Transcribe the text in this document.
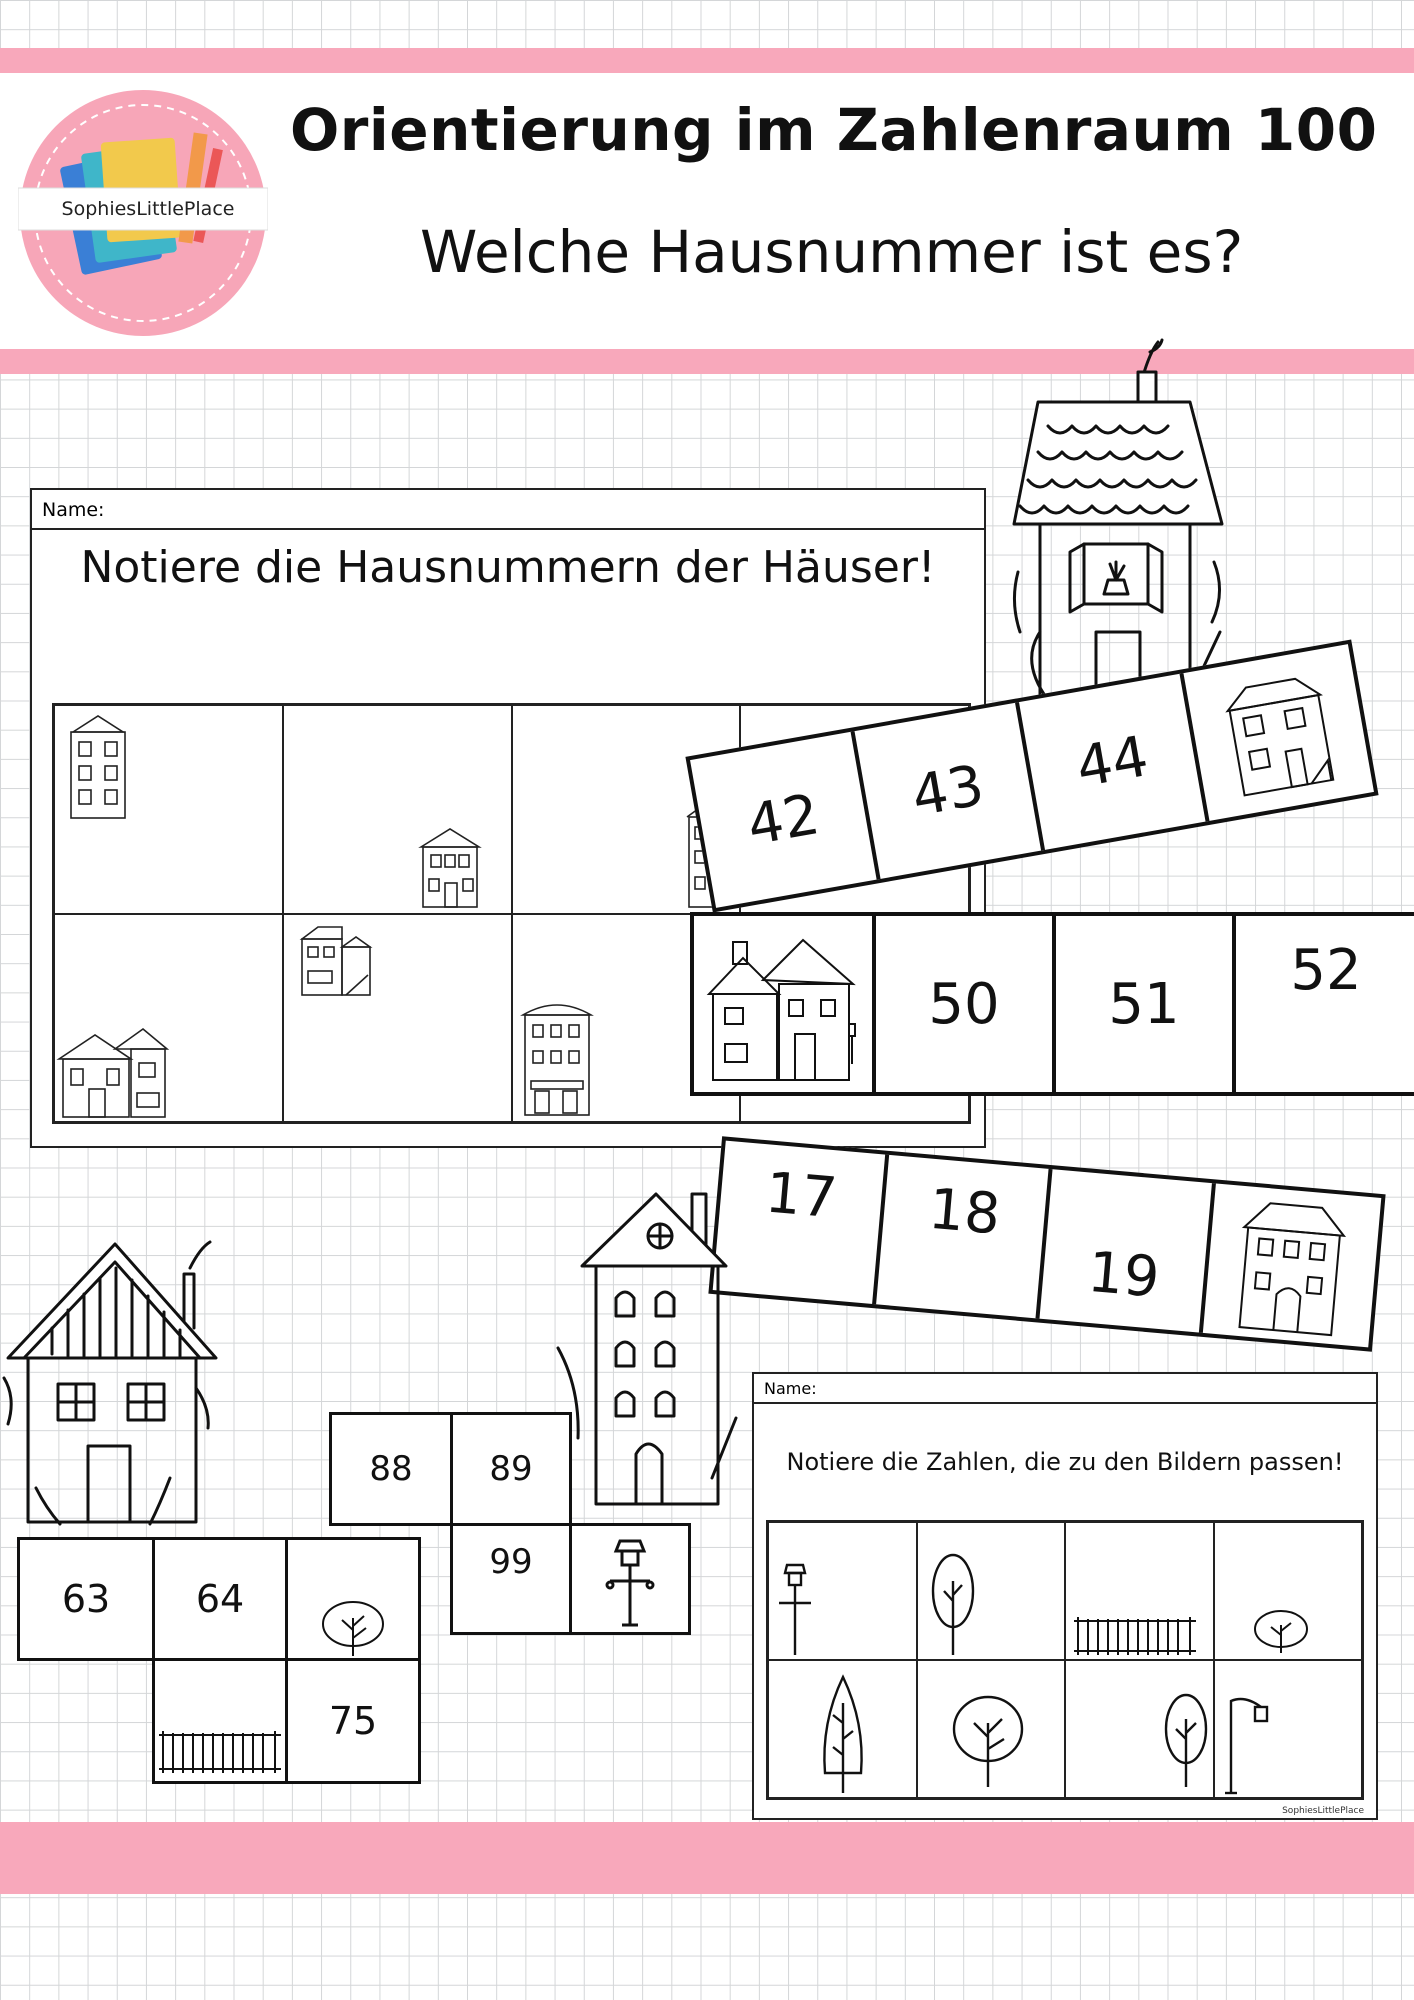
SophiesLittlePlace
Orientierung im Zahlenraum 100
Welche Hausnummer ist es?
Name:
Notiere die Hausnummern der Häuser!
42	43	44
50	51
52
17	18
19
63	64
75
88	89
99
Name:
Notiere die Zahlen, die zu den Bildern passen!
SophiesLittlePlace
